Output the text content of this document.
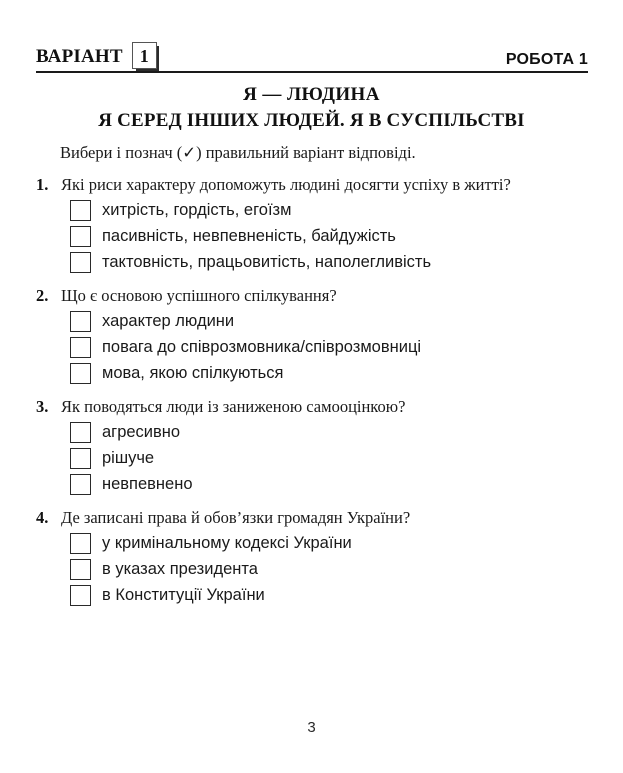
ВАРІАНТ 1	РОБОТА 1
Я — ЛЮДИНА
Я СЕРЕД ІНШИХ ЛЮДЕЙ. Я В СУСПІЛЬСТВІ
Вибери і познач (✓) правильний варіант відповіді.
1. Які риси характеру допоможуть людині досягти успіху в житті?
хитрість, гордість, егоїзм
пасивність, невпевненість, байдужість
тактовність, працьовитість, наполегливість
2. Що є основою успішного спілкування?
характер людини
повага до співрозмовника/співрозмовниці
мова, якою спілкуються
3. Як поводяться люди із заниженою самооцінкою?
агресивно
рішуче
невпевнено
4. Де записані права й обов’язки громадян України?
у кримінальному кодексі України
в указах президента
в Конституції України
3
